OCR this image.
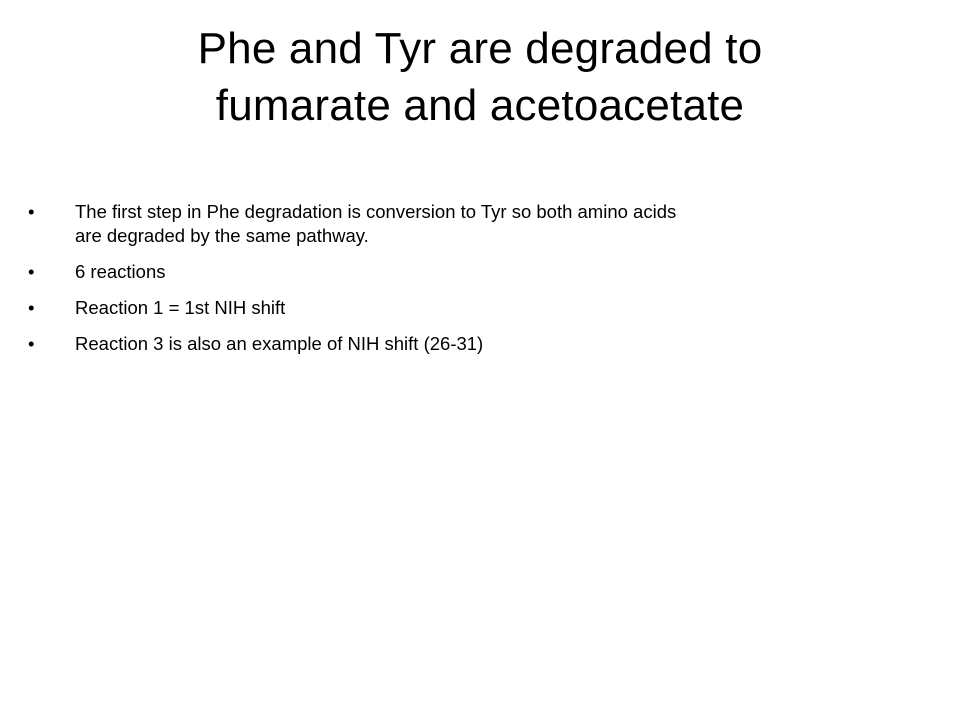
Phe and Tyr are degraded to
fumarate and acetoacetate
•	The first step in Phe degradation is conversion to Tyr so both amino acids
are degraded by the same pathway.
•	6 reactions
•	Reaction 1 = 1st NIH shift
•	Reaction 3 is also an example of NIH shift (26-31)
